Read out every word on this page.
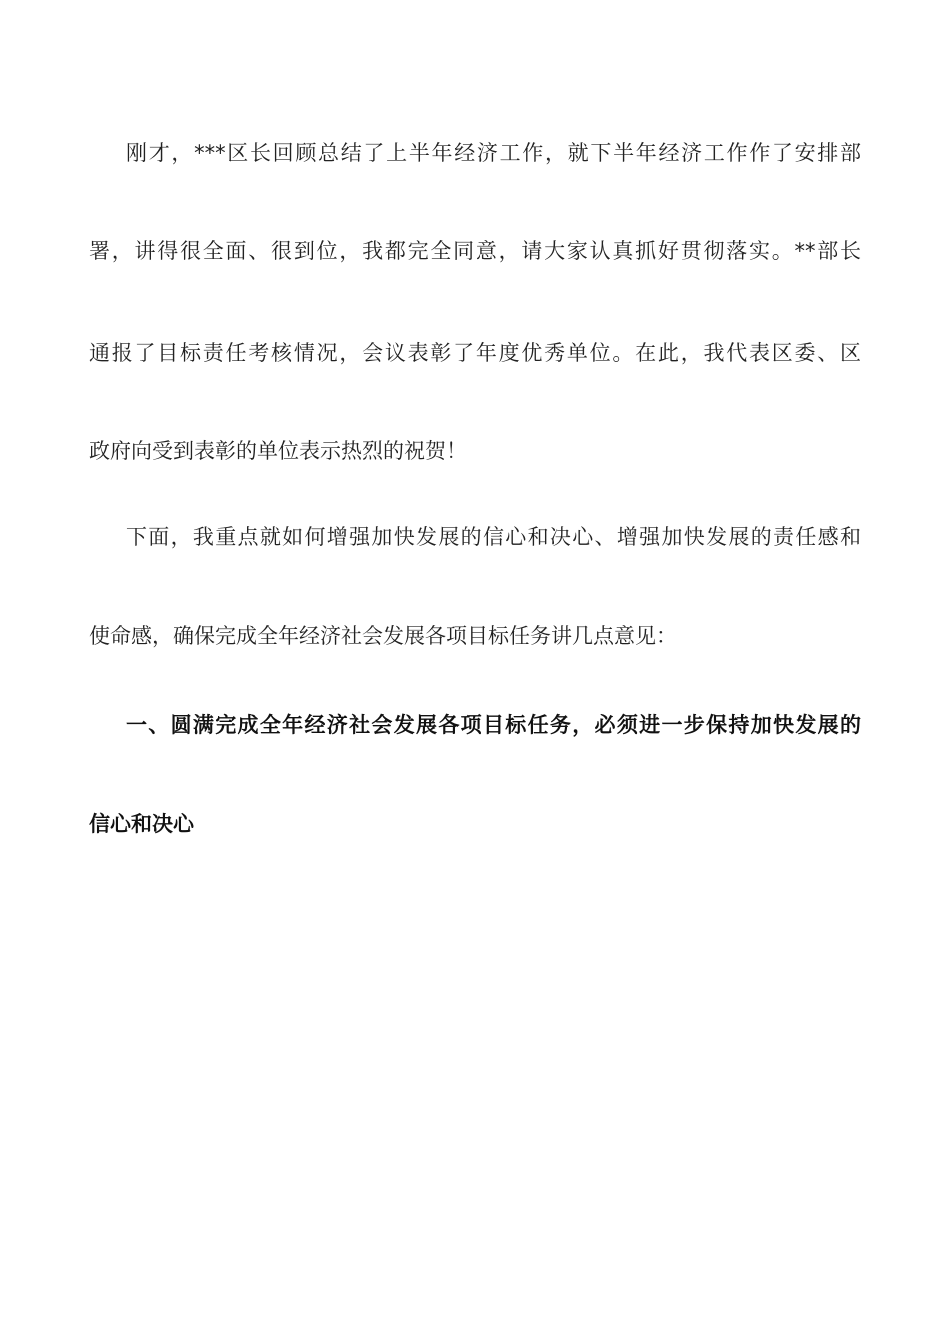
刚才，***区长回顾总结了上半年经济工作，就下半年经济工作作了安排部
署，讲得很全面、很到位，我都完全同意，请大家认真抓好贯彻落实。**部长
通报了目标责任考核情况，会议表彰了年度优秀单位。在此，我代表区委、区
政府向受到表彰的单位表示热烈的祝贺！
下面，我重点就如何增强加快发展的信心和决心、增强加快发展的责任感和
使命感，确保完成全年经济社会发展各项目标任务讲几点意见：
一、圆满完成全年经济社会发展各项目标任务，必须进一步保持加快发展的
信心和决心
